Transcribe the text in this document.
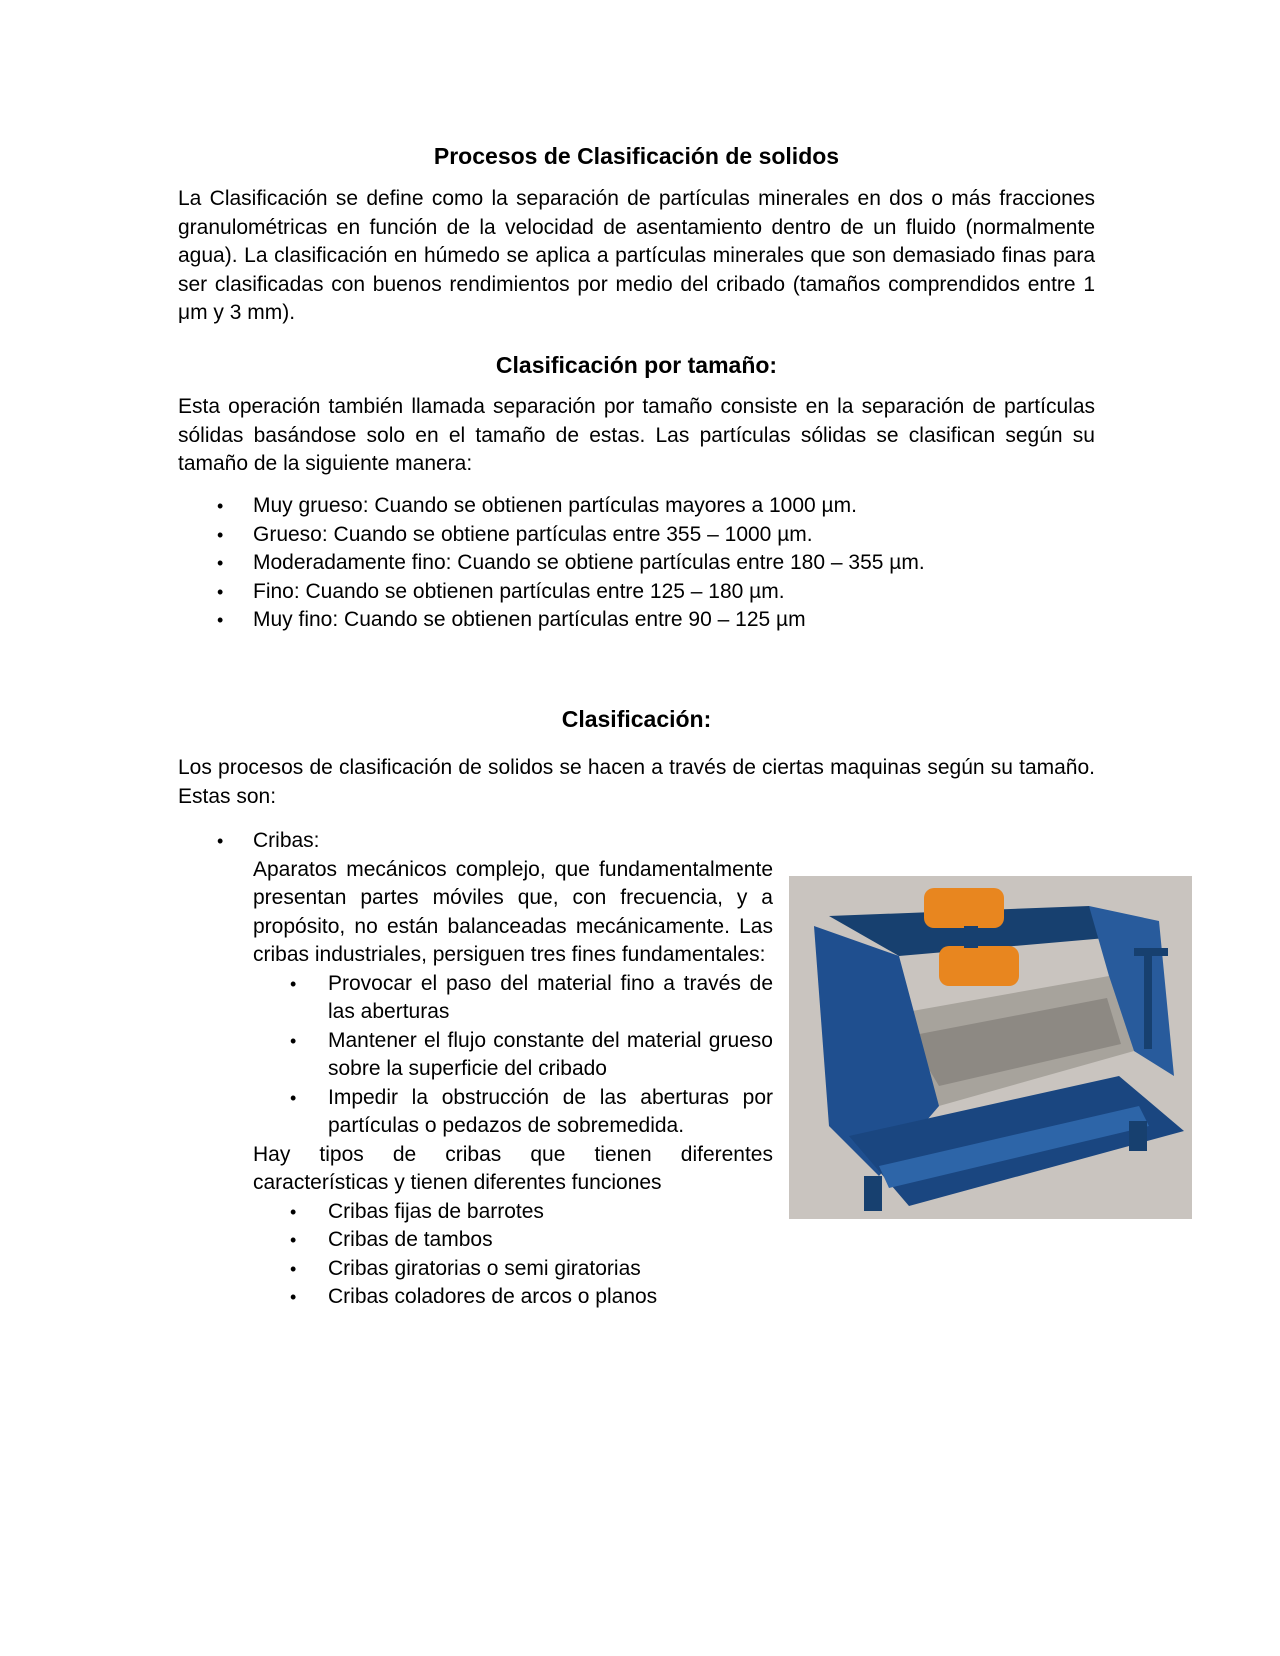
Procesos de Clasificación de solidos

La Clasificación se define como la separación de partículas minerales en dos o más fracciones granulométricas en función de la velocidad de asentamiento dentro de un fluido (normalmente agua). La clasificación en húmedo se aplica a partículas minerales que son demasiado finas para ser clasificadas con buenos rendimientos por medio del cribado (tamaños comprendidos entre 1 μm y 3 mm).

Clasificación por tamaño:

Esta operación también llamada separación por tamaño consiste en la separación de partículas sólidas basándose solo en el tamaño de estas. Las partículas sólidas se clasifican según su tamaño de la siguiente manera:

• Muy grueso: Cuando se obtienen partículas mayores a 1000 µm.
• Grueso: Cuando se obtiene partículas entre 355 – 1000 µm.
• Moderadamente fino: Cuando se obtiene partículas entre 180 – 355 µm.
• Fino: Cuando se obtienen partículas entre 125 – 180 µm.
• Muy fino: Cuando se obtienen partículas entre 90 – 125 µm
Clasificación:

Los procesos de clasificación de solidos se hacen a través de ciertas maquinas según su tamaño. Estas son:

• Cribas:

Aparatos mecánicos complejo, que fundamentalmente presentan partes móviles que, con frecuencia, y a propósito, no están balanceadas mecánicamente. Las cribas industriales, persiguen tres fines fundamentales:

• Provocar el paso del material fino a través de las aberturas
• Mantener el flujo constante del material grueso sobre la superficie del cribado
• Impedir la obstrucción de las aberturas por partículas o pedazos de sobremedida.

Hay tipos de cribas que tienen diferentes características y tienen diferentes funciones

• Cribas fijas de barrotes
• Cribas de tambos
• Cribas giratorias o semi giratorias
• Cribas coladores de arcos o planos
